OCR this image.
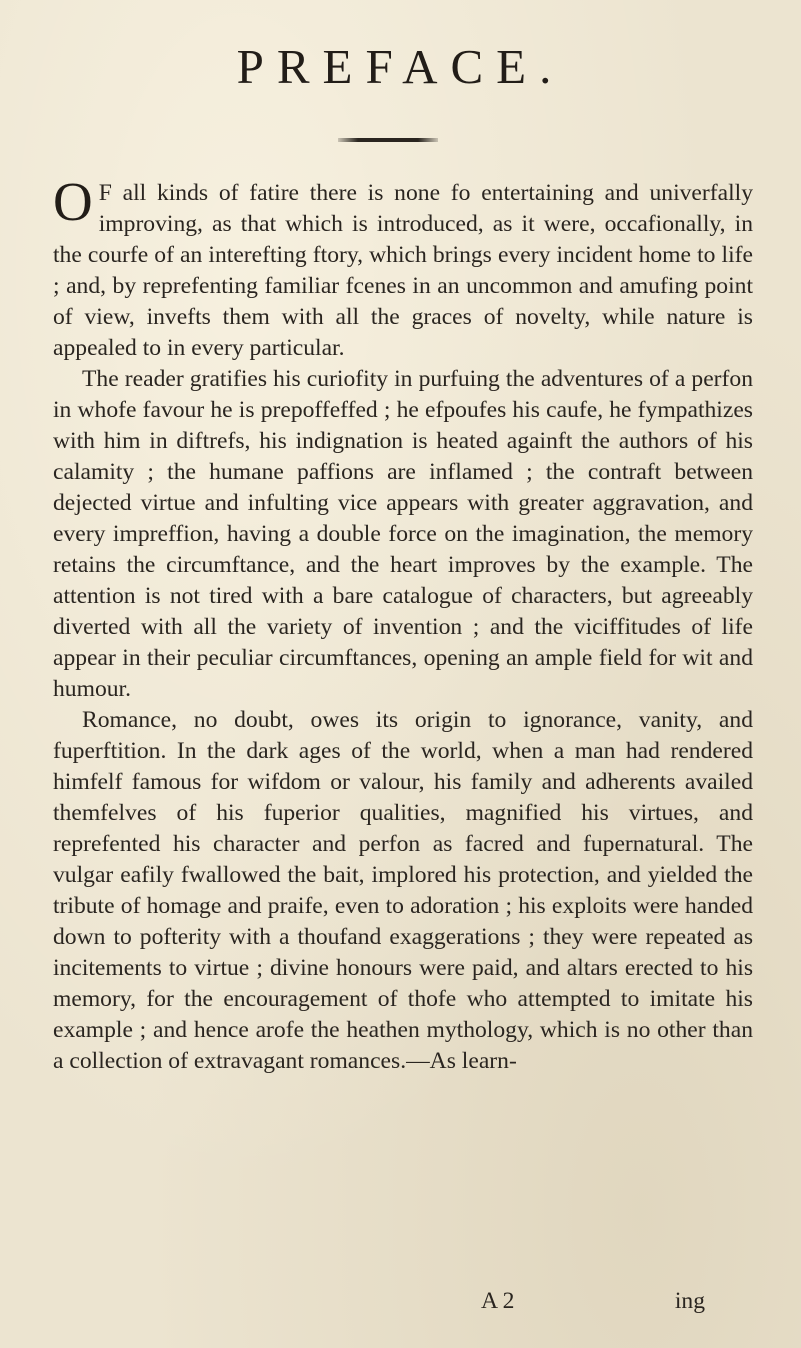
PREFACE.

O F all kinds of fatire there is none fo entertaining and univerfally improving, as that which is introduced, as it were, occafionally, in the courfe of an interefting ftory, which brings every incident home to life ; and, by reprefenting familiar fcenes in an uncommon and amufing point of view, invefts them with all the graces of novelty, while nature is appealed to in every particular.

The reader gratifies his curiofity in purfuing the adventures of a perfon in whofe favour he is prepoffeffed ; he efpoufes his caufe, he fympathizes with him in diftrefs, his indignation is heated againft the authors of his calamity ; the humane paffions are inflamed ; the contraft between dejected virtue and infulting vice appears with greater aggravation, and every impreffion, having a double force on the imagination, the memory retains the circumftance, and the heart improves by the example. The attention is not tired with a bare catalogue of characters, but agreeably diverted with all the variety of invention ; and the viciffitudes of life appear in their peculiar circumftances, opening an ample field for wit and humour.

Romance, no doubt, owes its origin to ignorance, vanity, and fuperftition. In the dark ages of the world, when a man had rendered himfelf famous for wifdom or valour, his family and adherents availed themfelves of his fuperior qualities, magnified his virtues, and reprefented his character and perfon as facred and fupernatural. The vulgar eafily fwallowed the bait, implored his protection, and yielded the tribute of homage and praife, even to adoration ; his exploits were handed down to pofterity with a thoufand exaggerations ; they were repeated as incitements to virtue ; divine honours were paid, and altars erected to his memory, for the encouragement of thofe who attempted to imitate his example ; and hence arofe the heathen mythology, which is no other than a collection of extravagant romances.—As learn-

A 2	ing
